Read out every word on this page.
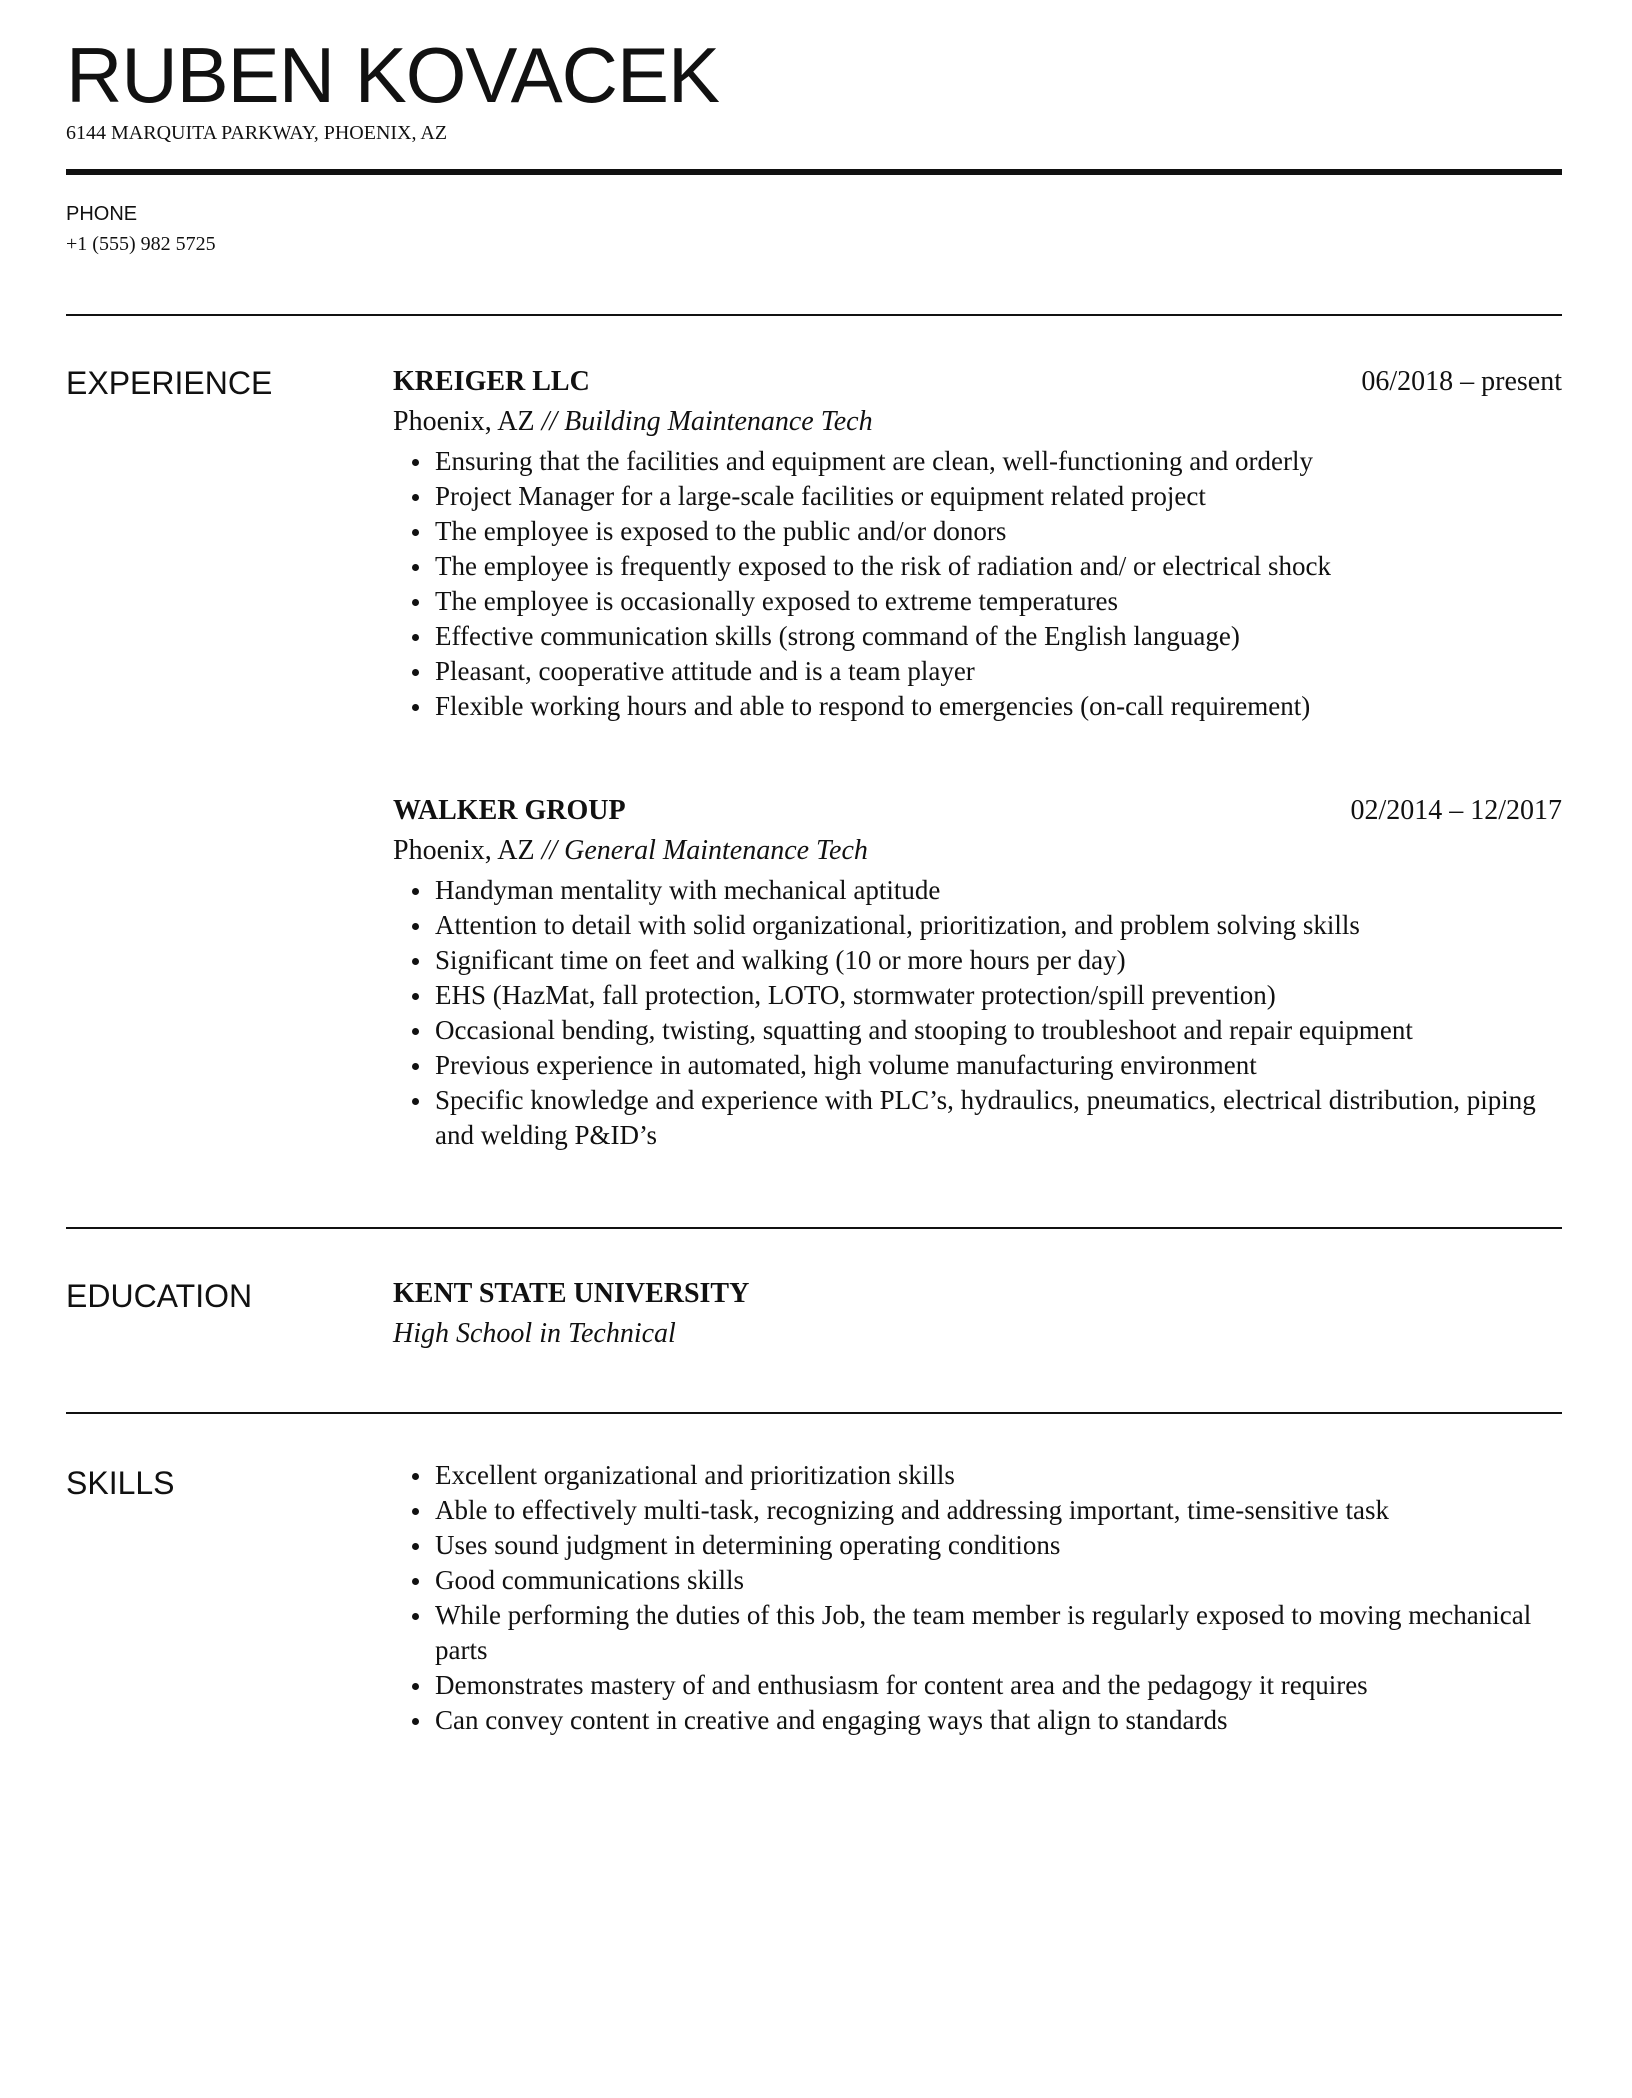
RUBEN KOVACEK
6144 MARQUITA PARKWAY, PHOENIX, AZ
PHONE
+1 (555) 982 5725
EXPERIENCE	KREIGER LLC	06/2018 – present
Phoenix, AZ // Building Maintenance Tech
Ensuring that the facilities and equipment are clean, well-functioning and orderly
Project Manager for a large-scale facilities or equipment related project
The employee is exposed to the public and/or donors
The employee is frequently exposed to the risk of radiation and/ or electrical shock
The employee is occasionally exposed to extreme temperatures
Effective communication skills (strong command of the English language)
Pleasant, cooperative attitude and is a team player
Flexible working hours and able to respond to emergencies (on-call requirement)
WALKER GROUP	02/2014 – 12/2017
Phoenix, AZ // General Maintenance Tech
Handyman mentality with mechanical aptitude
Attention to detail with solid organizational, prioritization, and problem solving skills
Significant time on feet and walking (10 or more hours per day)
EHS (HazMat, fall protection, LOTO, stormwater protection/spill prevention)
Occasional bending, twisting, squatting and stooping to troubleshoot and repair equipment
Previous experience in automated, high volume manufacturing environment
Specific knowledge and experience with PLC’s, hydraulics, pneumatics, electrical distribution, piping and welding P&ID’s
EDUCATION	KENT STATE UNIVERSITY
High School in Technical
SKILLS	Excellent organizational and prioritization skills
Able to effectively multi-task, recognizing and addressing important, time-sensitive task
Uses sound judgment in determining operating conditions
Good communications skills
While performing the duties of this Job, the team member is regularly exposed to moving mechanical parts
Demonstrates mastery of and enthusiasm for content area and the pedagogy it requires
Can convey content in creative and engaging ways that align to standards
